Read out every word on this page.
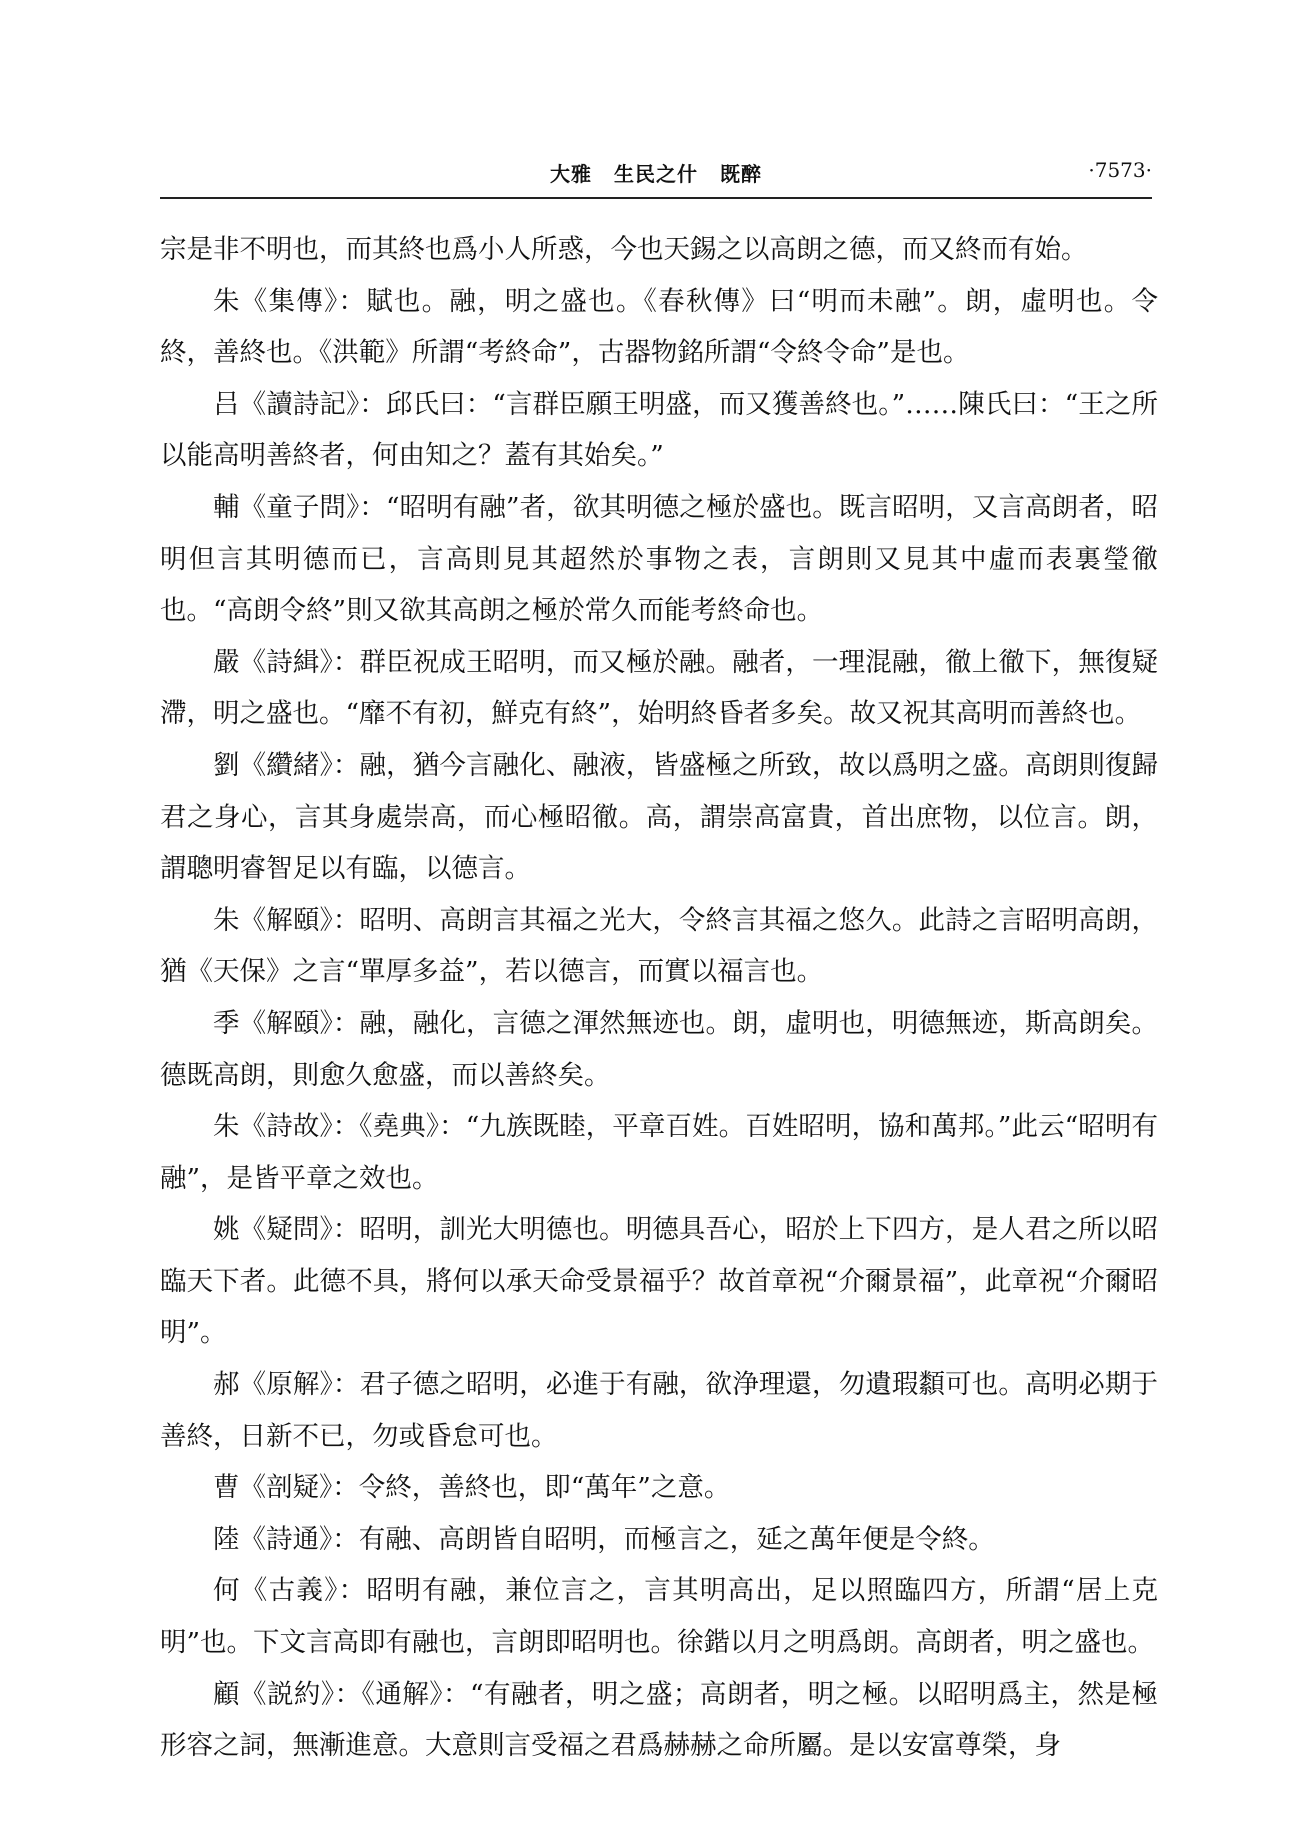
大雅 生民之什 既醉	·7573·

宗是非不明也，而其終也爲小人所惑，今也天錫之以高朗之德，而又終而有始。

朱《集傳》：賦也。融，明之盛也。《春秋傳》曰“明而未融”。朗，虛明也。令終，善終也。《洪範》所謂“考終命”，古器物銘所謂“令終令命”是也。

吕《讀詩記》：邱氏曰：“言群臣願王明盛，而又獲善終也。”……陳氏曰：“王之所以能高明善終者，何由知之？蓋有其始矣。”

輔《童子問》：“昭明有融”者，欲其明德之極於盛也。既言昭明，又言高朗者，昭明但言其明德而已，言高則見其超然於事物之表，言朗則又見其中虛而表裏瑩徹也。“高朗令終”則又欲其高朗之極於常久而能考終命也。

嚴《詩緝》：群臣祝成王昭明，而又極於融。融者，一理混融，徹上徹下，無復疑滯，明之盛也。“靡不有初，鮮克有終”，始明終昏者多矣。故又祝其高明而善終也。

劉《纘緒》：融，猶今言融化、融液，皆盛極之所致，故以爲明之盛。高朗則復歸君之身心，言其身處崇高，而心極昭徹。高，謂崇高富貴，首出庶物，以位言。朗，謂聰明睿智足以有臨，以德言。

朱《解頤》：昭明、高朗言其福之光大，令終言其福之悠久。此詩之言昭明高朗，猶《天保》之言“單厚多益”，若以德言，而實以福言也。

季《解頤》：融，融化，言德之渾然無迹也。朗，虛明也，明德無迹，斯高朗矣。德既高朗，則愈久愈盛，而以善終矣。

朱《詩故》：《堯典》：“九族既睦，平章百姓。百姓昭明，協和萬邦。”此云“昭明有融”，是皆平章之效也。

姚《疑問》：昭明，訓光大明德也。明德具吾心，昭於上下四方，是人君之所以昭臨天下者。此德不具，將何以承天命受景福乎？故首章祝“介爾景福”，此章祝“介爾昭明”。

郝《原解》：君子德之昭明，必進于有融，欲浄理還，勿遺瑕纇可也。高明必期于善終，日新不已，勿或昏怠可也。

曹《剖疑》：令終，善終也，即“萬年”之意。

陸《詩通》：有融、高朗皆自昭明，而極言之，延之萬年便是令終。

何《古義》：昭明有融，兼位言之，言其明高出，足以照臨四方，所謂“居上克明”也。下文言高即有融也，言朗即昭明也。徐鍇以月之明爲朗。高朗者，明之盛也。

顧《説約》：《通解》：“有融者，明之盛；高朗者，明之極。以昭明爲主，然是極形容之詞，無漸進意。大意則言受福之君爲赫赫之命所屬。是以安富尊榮，身
